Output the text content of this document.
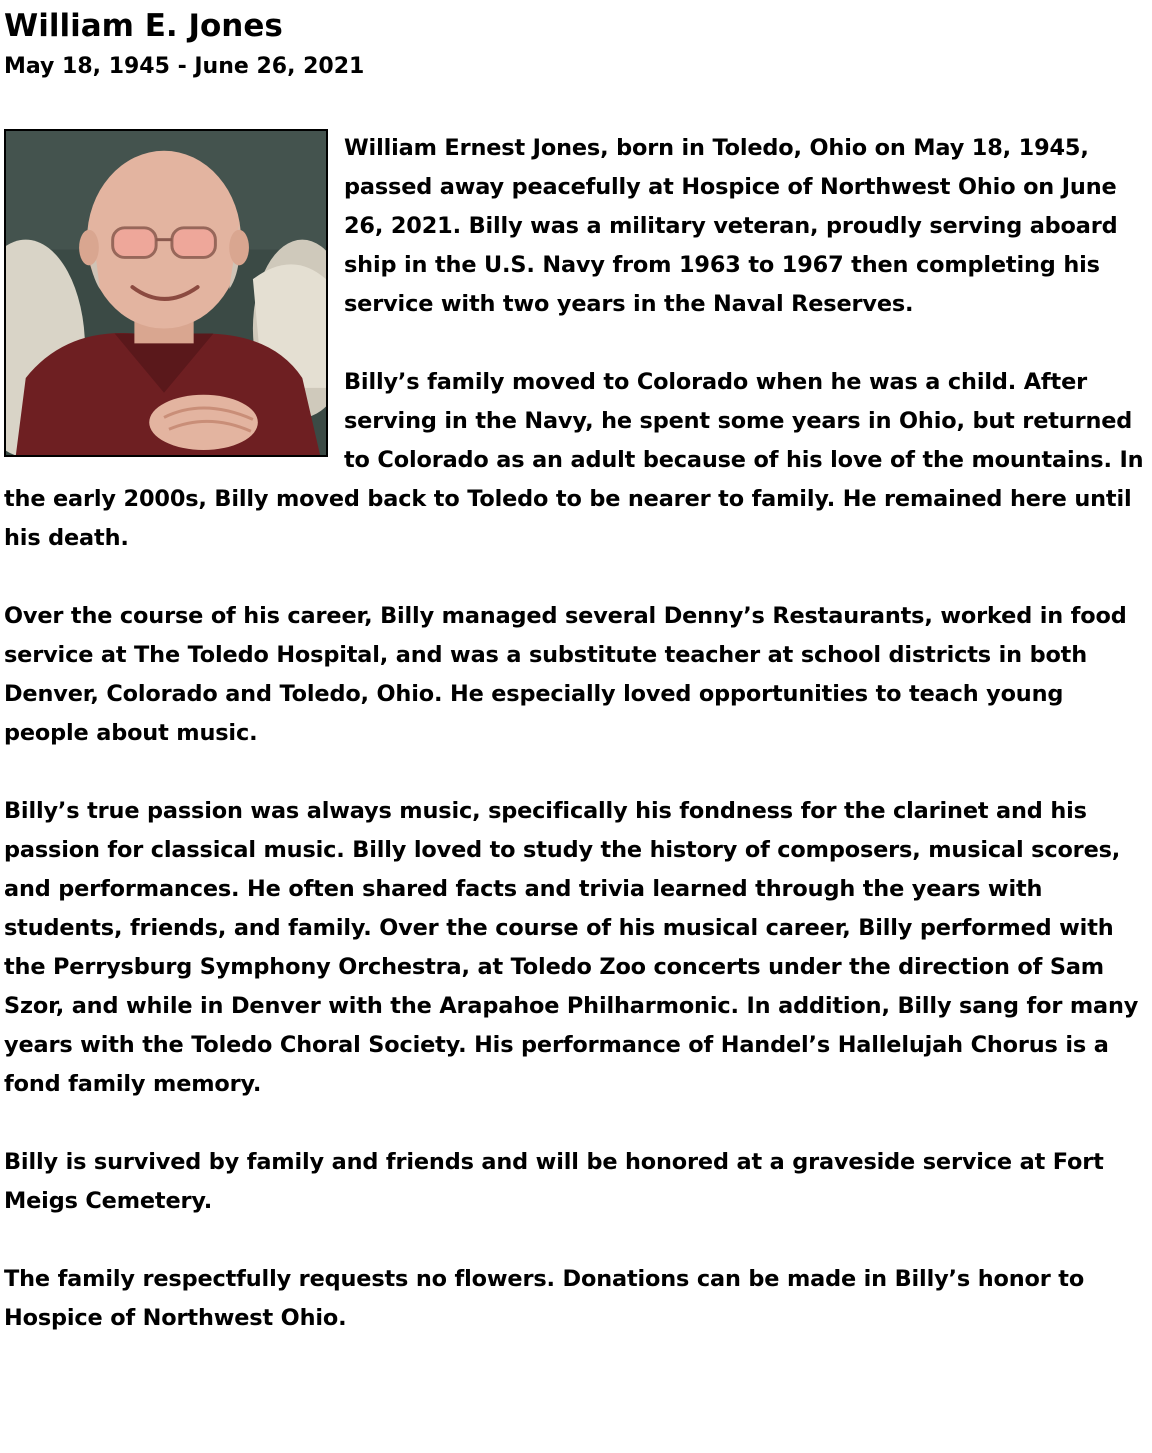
William E. Jones
May 18, 1945 - June 26, 2021

William Ernest Jones, born in Toledo, Ohio on May 18, 1945, passed away peacefully at Hospice of Northwest Ohio on June 26, 2021. Billy was a military veteran, proudly serving aboard ship in the U.S. Navy from 1963 to 1967 then completing his service with two years in the Naval Reserves.

Billy’s family moved to Colorado when he was a child. After serving in the Navy, he spent some years in Ohio, but returned to Colorado as an adult because of his love of the mountains. In the early 2000s, Billy moved back to Toledo to be nearer to family. He remained here until his death.

Over the course of his career, Billy managed several Denny’s Restaurants, worked in food service at The Toledo Hospital, and was a substitute teacher at school districts in both Denver, Colorado and Toledo, Ohio. He especially loved opportunities to teach young people about music.

Billy’s true passion was always music, specifically his fondness for the clarinet and his passion for classical music. Billy loved to study the history of composers, musical scores, and performances. He often shared facts and trivia learned through the years with students, friends, and family. Over the course of his musical career, Billy performed with the Perrysburg Symphony Orchestra, at Toledo Zoo concerts under the direction of Sam Szor, and while in Denver with the Arapahoe Philharmonic. In addition, Billy sang for many years with the Toledo Choral Society. His performance of Handel’s Hallelujah Chorus is a fond family memory.

Billy is survived by family and friends and will be honored at a graveside service at Fort Meigs Cemetery.

The family respectfully requests no flowers. Donations can be made in Billy’s honor to Hospice of Northwest Ohio.
